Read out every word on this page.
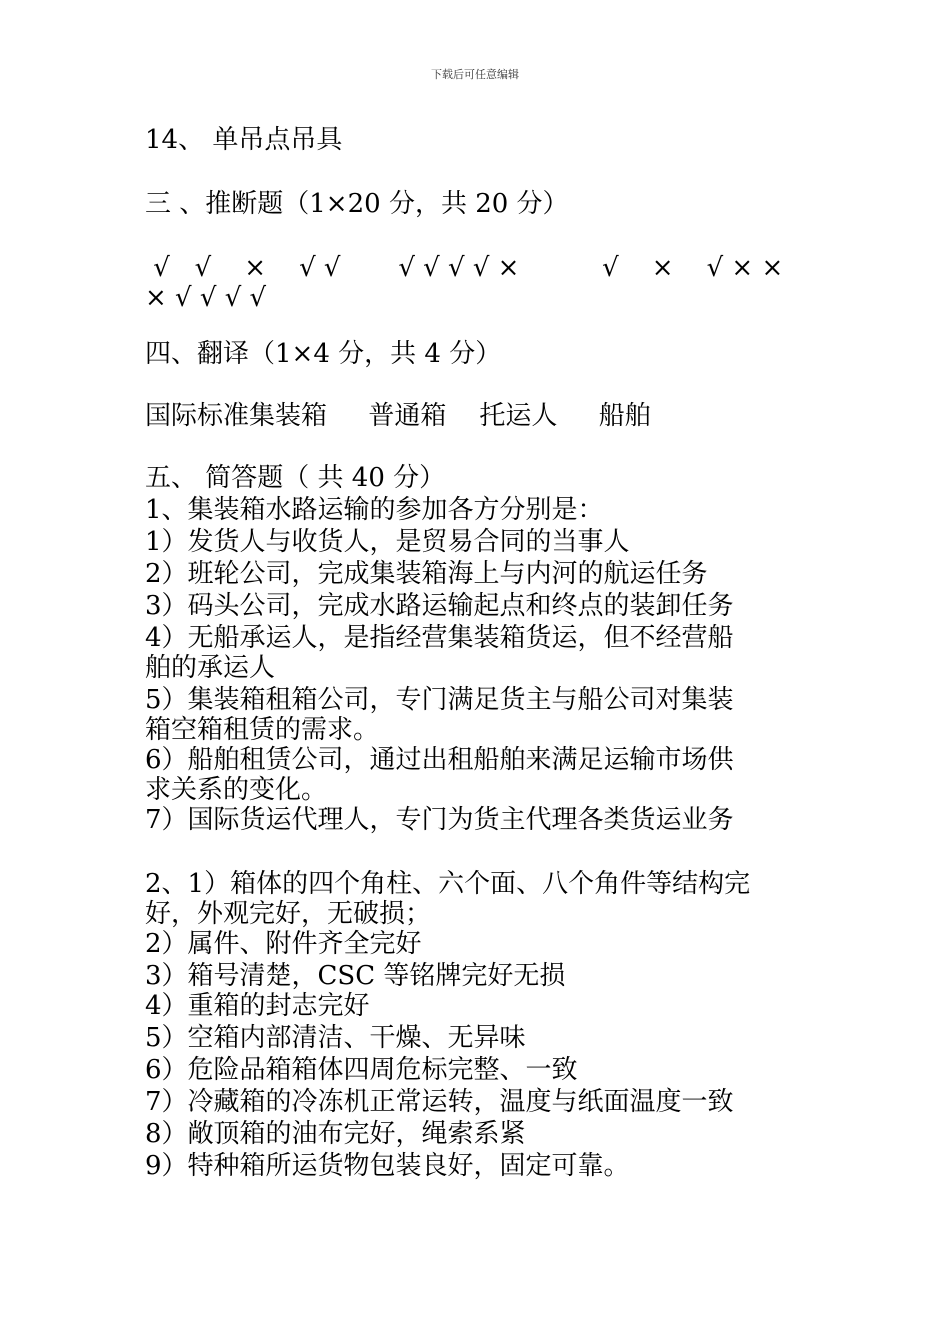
下载后可任意编辑
14、 单吊点吊具
三 、推断题（1×20 分，共 20 分）
√   √    ×    √ √       √ √ √ √ ×          √    ×    √ × ×
× √ √ √ √
四、翻译（1×4 分，共 4 分）
国际标准集装箱     普通箱    托运人     船舶
五、 简答题（ 共 40 分）
1、集装箱水路运输的参加各方分别是：
1）发货人与收货人，是贸易合同的当事人
2）班轮公司，完成集装箱海上与内河的航运任务
3）码头公司，完成水路运输起点和终点的装卸任务
4）无船承运人，是指经营集装箱货运，但不经营船
舶的承运人
5）集装箱租箱公司，专门满足货主与船公司对集装
箱空箱租赁的需求。
6）船舶租赁公司，通过出租船舶来满足运输市场供
求关系的变化。
7）国际货运代理人，专门为货主代理各类货运业务
2、1）箱体的四个角柱、六个面、八个角件等结构完
好，外观完好，无破损；
2）属件、附件齐全完好
3）箱号清楚，CSC 等铭牌完好无损
4）重箱的封志完好
5）空箱内部清洁、干燥、无异味
6）危险品箱箱体四周危标完整、一致
7）冷藏箱的冷冻机正常运转，温度与纸面温度一致
8）敞顶箱的油布完好，绳索系紧
9）特种箱所运货物包装良好，固定可靠。
